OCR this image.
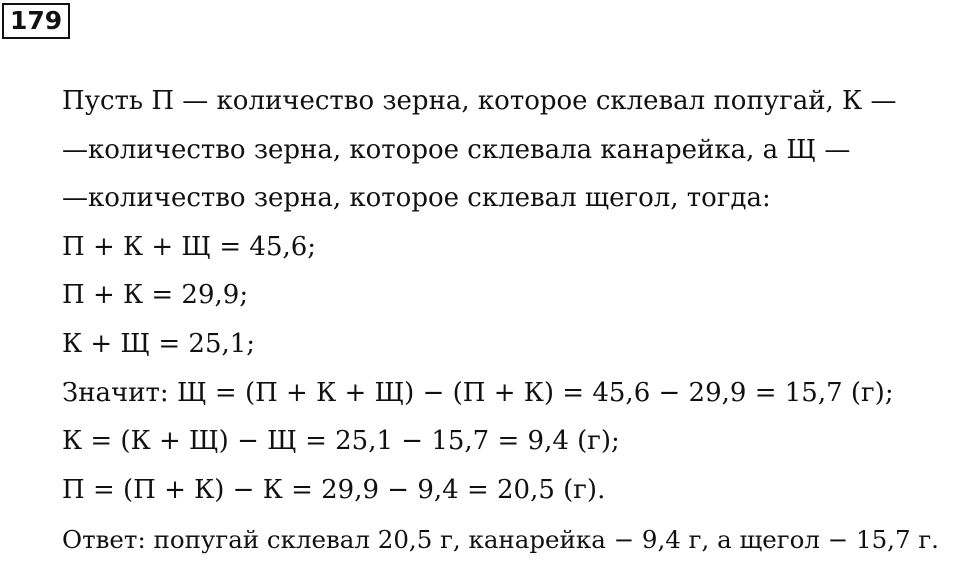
179
Пусть П — количество зерна, которое склевал попугай, К —
—количество зерна, которое склевала канарейка, а Щ —
—количество зерна, которое склевал щегол, тогда:
П + К + Щ = 45,6;
П + К = 29,9;
К + Щ = 25,1;
Значит: Щ = (П + К + Щ) − (П + К) = 45,6 − 29,9 = 15,7 (г);
К = (К + Щ) − Щ = 25,1 − 15,7 = 9,4 (г);
П = (П + К) − К = 29,9 − 9,4 = 20,5 (г).
Ответ: попугай склевал 20,5 г, канарейка − 9,4 г, а щегол − 15,7 г.
